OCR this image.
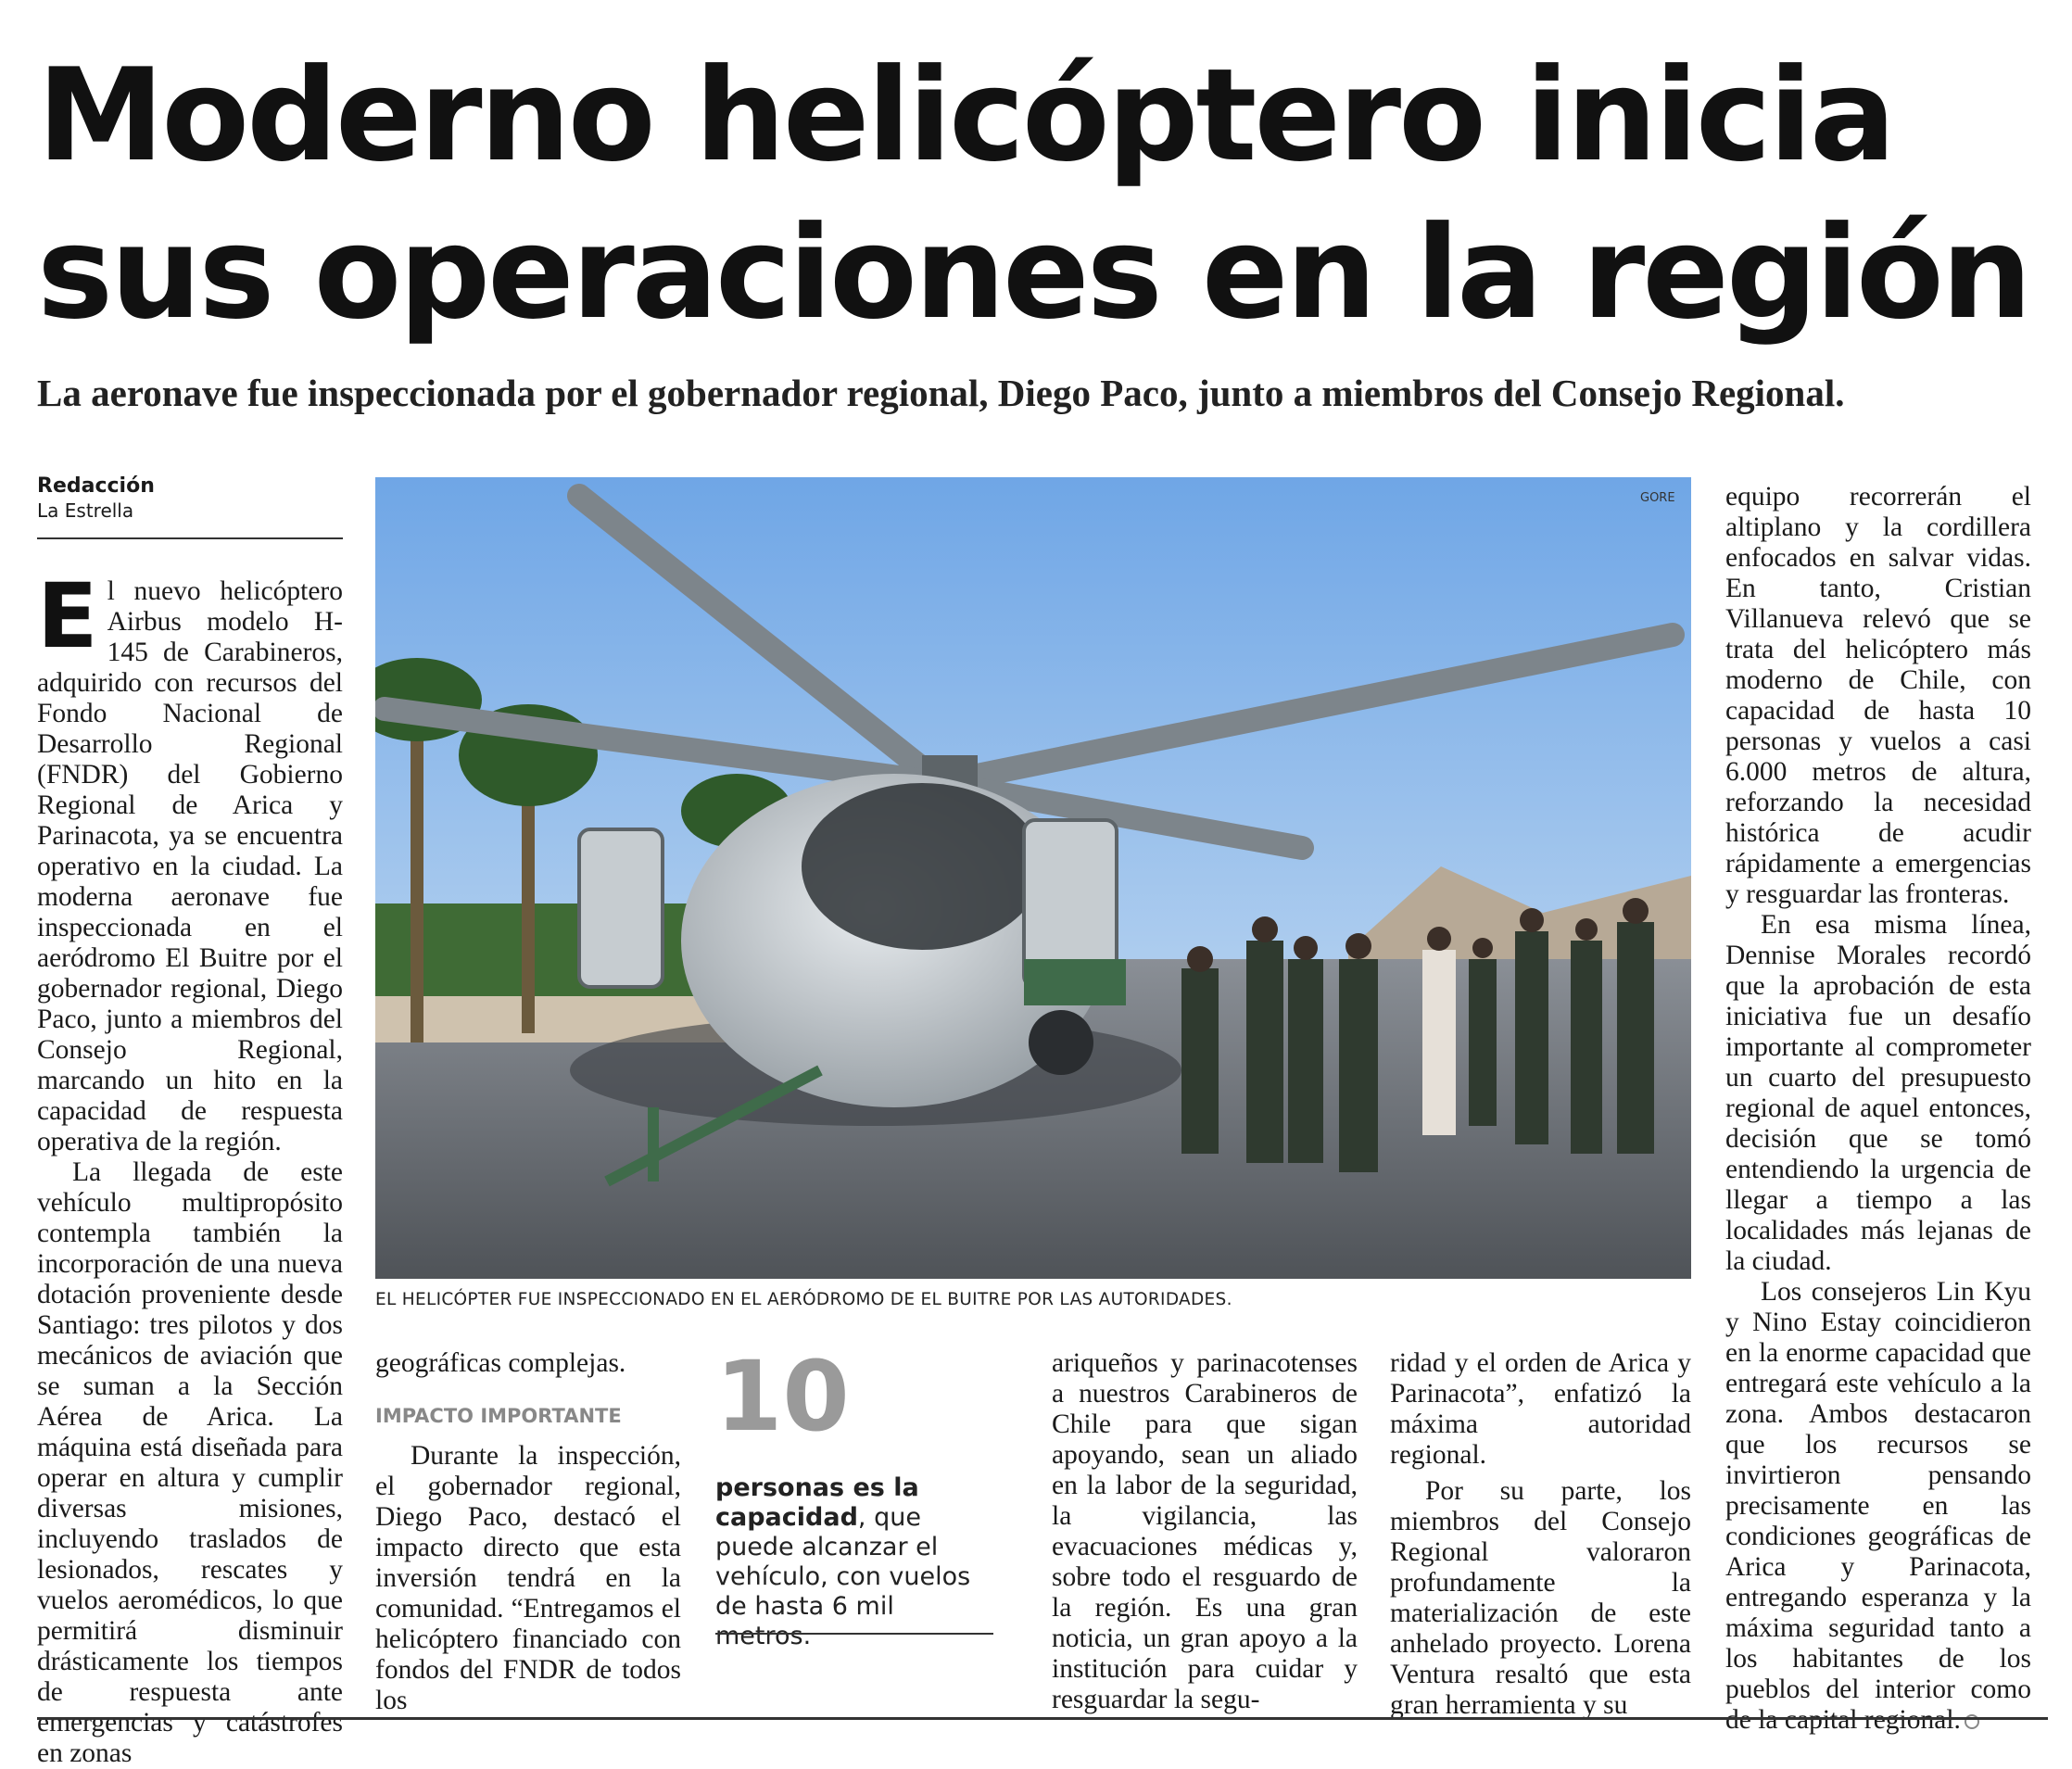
Moderno helicóptero inicia sus operaciones en la región

La aeronave fue inspeccionada por el gobernador regional, Diego Paco, junto a miembros del Consejo Regional.

Redacción
La Estrella

El nuevo helicóptero Airbus modelo H-145 de Carabineros, adquirido con recursos del Fondo Nacional de Desarrollo Regional (FNDR) del Gobierno Regional de Arica y Parinacota, ya se encuentra operativo en la ciudad. La moderna aeronave fue inspeccionada en el aeródromo El Buitre por el gobernador regional, Diego Paco, junto a miembros del Consejo Regional, marcando un hito en la capacidad de respuesta operativa de la región.

La llegada de este vehículo multipropósito contempla también la incorporación de una nueva dotación proveniente desde Santiago: tres pilotos y dos mecánicos de aviación que se suman a la Sección Aérea de Arica. La máquina está diseñada para operar en altura y cumplir diversas misiones, incluyendo traslados de lesionados, rescates y vuelos aeromédicos, lo que permitirá disminuir drásticamente los tiempos de respuesta ante emergencias y catástrofes en zonas

GORE
EL HELICÓPTER FUE INSPECCIONADO EN EL AERÓDROMO DE EL BUITRE POR LAS AUTORIDADES.

geográficas complejas.

IMPACTO IMPORTANTE

Durante la inspección, el gobernador regional, Diego Paco, destacó el impacto directo que esta inversión tendrá en la comunidad. “Entregamos el helicóptero financiado con fondos del FNDR de todos los

10
personas es la capacidad, que puede alcanzar el vehículo, con vuelos de hasta 6 mil metros.

ariqueños y parinacotenses a nuestros Carabineros de Chile para que sigan apoyando, sean un aliado en la labor de la seguridad, la vigilancia, las evacuaciones médicas y, sobre todo el resguardo de la región. Es una gran noticia, un gran apoyo a la institución para cuidar y resguardar la segu-

ridad y el orden de Arica y Parinacota”, enfatizó la máxima autoridad regional.

Por su parte, los miembros del Consejo Regional valoraron profundamente la materialización de este anhelado proyecto. Lorena Ventura resaltó que esta gran herramienta y su

equipo recorrerán el altiplano y la cordillera enfocados en salvar vidas. En tanto, Cristian Villanueva relevó que se trata del helicóptero más moderno de Chile, con capacidad de hasta 10 personas y vuelos a casi 6.000 metros de altura, reforzando la necesidad histórica de acudir rápidamente a emergencias y resguardar las fronteras.

En esa misma línea, Dennise Morales recordó que la aprobación de esta iniciativa fue un desafío importante al comprometer un cuarto del presupuesto regional de aquel entonces, decisión que se tomó entendiendo la urgencia de llegar a tiempo a las localidades más lejanas de la ciudad.

Los consejeros Lin Kyu y Nino Estay coincidieron en la enorme capacidad que entregará este vehículo a la zona. Ambos destacaron que los recursos se invirtieron pensando precisamente en las condiciones geográficas de Arica y Parinacota, entregando esperanza y la máxima seguridad tanto a los habitantes de los pueblos del interior como de la capital regional.
